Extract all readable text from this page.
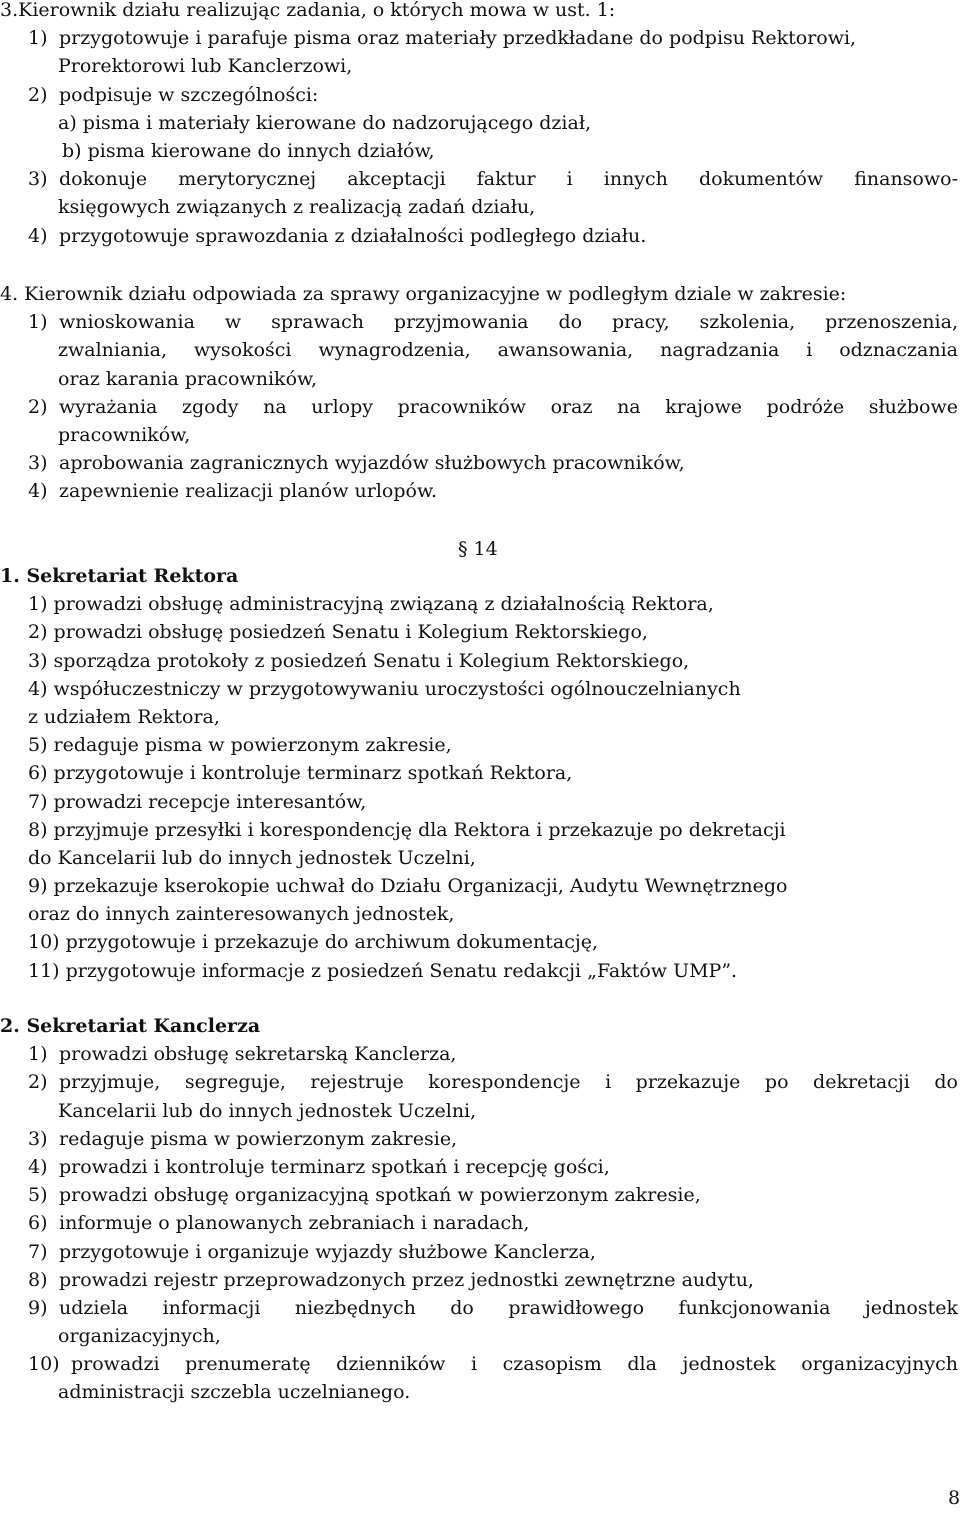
3.Kierownik działu realizując zadania, o których mowa w ust. 1:
1) przygotowuje i parafuje pisma oraz materiały przedkładane do podpisu Rektorowi,
Prorektorowi lub Kanclerzowi,
2) podpisuje w szczególności:
a) pisma i materiały kierowane do nadzorującego dział,
b) pisma kierowane do innych działów,
3) dokonuje merytorycznej akceptacji faktur i innych dokumentów finansowo-
księgowych związanych z realizacją zadań działu,
4) przygotowuje sprawozdania z działalności podległego działu.
4. Kierownik działu odpowiada za sprawy organizacyjne w podległym dziale w zakresie:
1) wnioskowania w sprawach przyjmowania do pracy, szkolenia, przenoszenia,
zwalniania, wysokości wynagrodzenia, awansowania, nagradzania i odznaczania
oraz karania pracowników,
2) wyrażania zgody na urlopy pracowników oraz na krajowe podróże służbowe
pracowników,
3) aprobowania zagranicznych wyjazdów służbowych pracowników,
4) zapewnienie realizacji planów urlopów.
§ 14
1. Sekretariat Rektora
1) prowadzi obsługę administracyjną związaną z działalnością Rektora,
2) prowadzi obsługę posiedzeń Senatu i Kolegium Rektorskiego,
3) sporządza protokoły z posiedzeń Senatu i Kolegium Rektorskiego,
4) współuczestniczy w przygotowywaniu uroczystości ogólnouczelnianych
z udziałem Rektora,
5) redaguje pisma w powierzonym zakresie,
6) przygotowuje i kontroluje terminarz spotkań Rektora,
7) prowadzi recepcje interesantów,
8) przyjmuje przesyłki i korespondencję dla Rektora i przekazuje po dekretacji
do Kancelarii lub do innych jednostek Uczelni,
9) przekazuje kserokopie uchwał do Działu Organizacji, Audytu Wewnętrznego
oraz do innych zainteresowanych jednostek,
10) przygotowuje i przekazuje do archiwum dokumentację,
11) przygotowuje informacje z posiedzeń Senatu redakcji „Faktów UMP”.
2. Sekretariat Kanclerza
1) prowadzi obsługę sekretarską Kanclerza,
2) przyjmuje, segreguje, rejestruje korespondencje i przekazuje po dekretacji do
Kancelarii lub do innych jednostek Uczelni,
3) redaguje pisma w powierzonym zakresie,
4) prowadzi i kontroluje terminarz spotkań i recepcję gości,
5) prowadzi obsługę organizacyjną spotkań w powierzonym zakresie,
6) informuje o planowanych zebraniach i naradach,
7) przygotowuje i organizuje wyjazdy służbowe Kanclerza,
8) prowadzi rejestr przeprowadzonych przez jednostki zewnętrzne audytu,
9) udziela informacji niezbędnych do prawidłowego funkcjonowania jednostek
organizacyjnych,
10) prowadzi prenumeratę dzienników i czasopism dla jednostek organizacyjnych
administracji szczebla uczelnianego.
8
